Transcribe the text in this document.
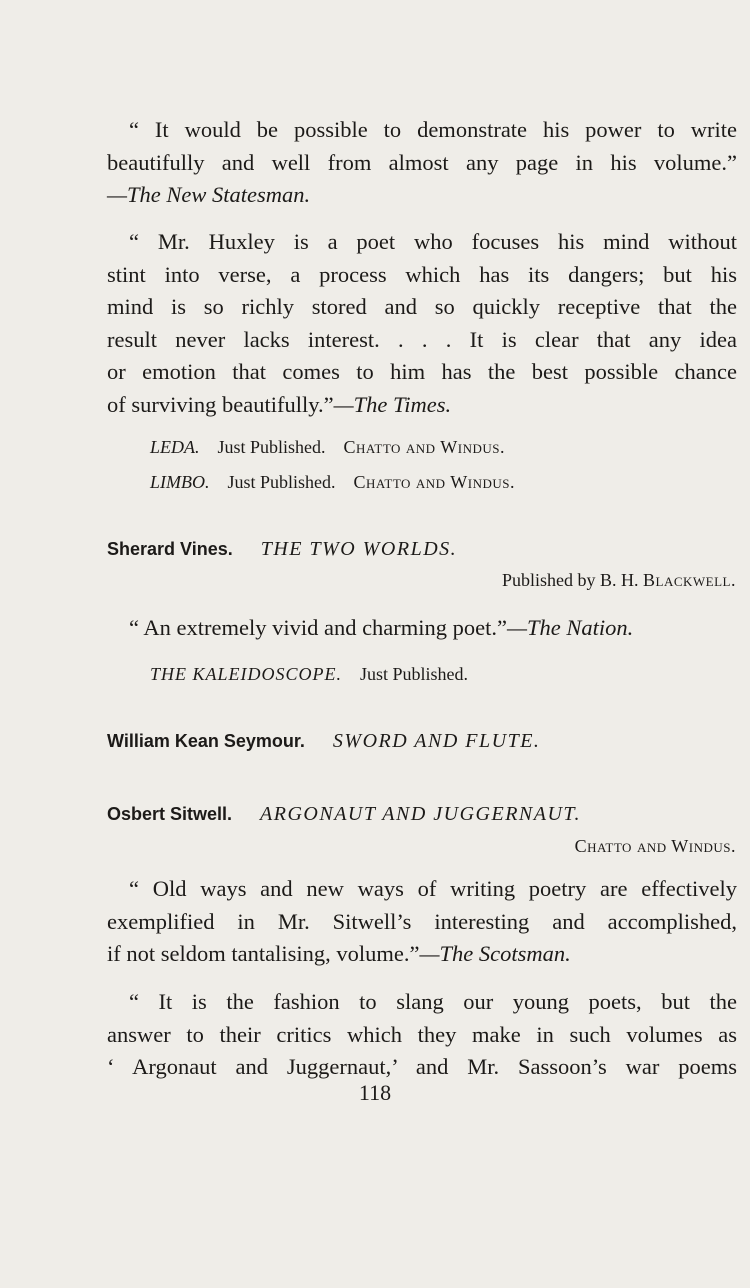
“ It would be possible to demonstrate his power to write
beautifully and well from almost any page in his volume.”
—The New Statesman.
“ Mr. Huxley is a poet who focuses his mind without
stint into verse, a process which has its dangers; but his
mind is so richly stored and so quickly receptive that the
result never lacks interest. . . . It is clear that any idea
or emotion that comes to him has the best possible chance
of surviving beautifully.”—The Times.
LEDA. Just Published. Chatto and Windus.
LIMBO. Just Published. Chatto and Windus.
Sherard Vines. THE TWO WORLDS.
Published by B. H. Blackwell.
“ An extremely vivid and charming poet.”—The Nation.
THE KALEIDOSCOPE. Just Published.
William Kean Seymour. SWORD AND FLUTE.
Osbert Sitwell. ARGONAUT AND JUGGERNAUT.
Chatto and Windus.
“ Old ways and new ways of writing poetry are effectively
exemplified in Mr. Sitwell’s interesting and accomplished,
if not seldom tantalising, volume.”—The Scotsman.
“ It is the fashion to slang our young poets, but the
answer to their critics which they make in such volumes as
‘ Argonaut and Juggernaut,’ and Mr. Sassoon’s war poems
118
